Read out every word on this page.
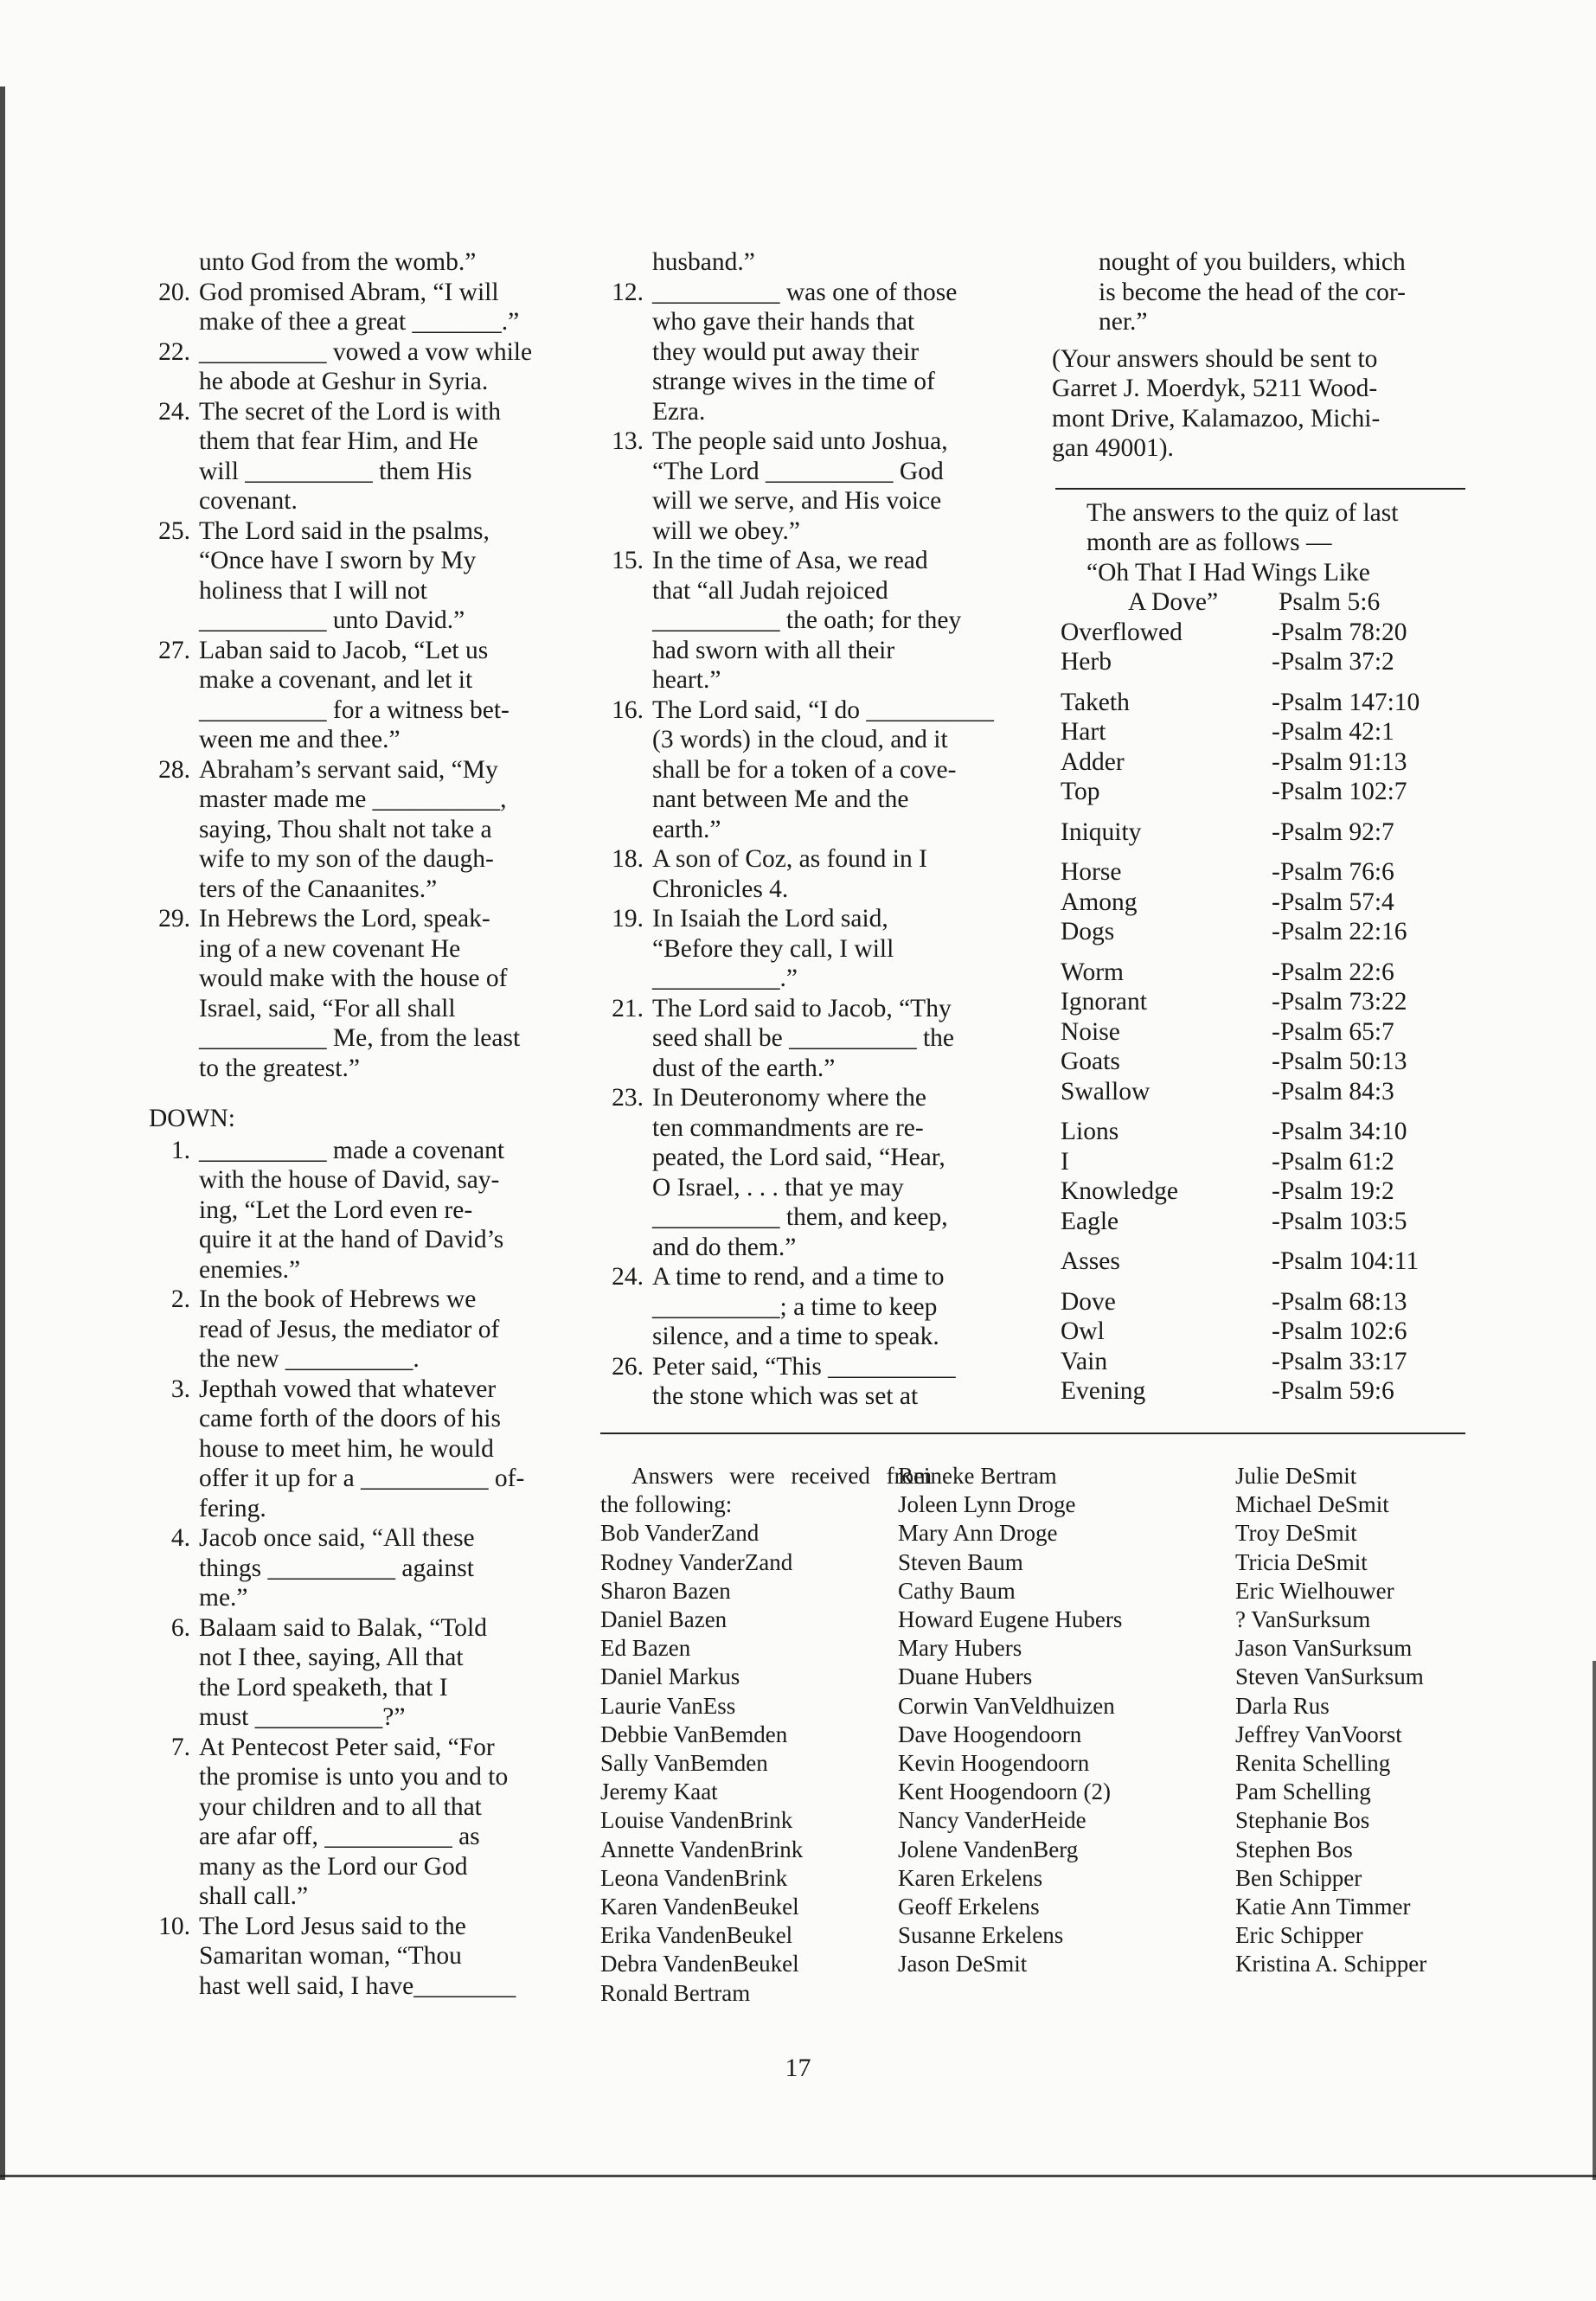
unto God from the womb.”
20. God promised Abram, “I will
make of thee a great _______.”
22. __________ vowed a vow while
he abode at Geshur in Syria.
24. The secret of the Lord is with
them that fear Him, and He
will __________ them His
covenant.
25. The Lord said in the psalms,
“Once have I sworn by My
holiness that I will not
__________ unto David.”
27. Laban said to Jacob, “Let us
make a covenant, and let it
__________ for a witness bet-
ween me and thee.”
28. Abraham’s servant said, “My
master made me __________,
saying, Thou shalt not take a
wife to my son of the daugh-
ters of the Canaanites.”
29. In Hebrews the Lord, speak-
ing of a new covenant He
would make with the house of
Israel, said, “For all shall
__________ Me, from the least
to the greatest.”
DOWN:
1. __________ made a covenant
with the house of David, say-
ing, “Let the Lord even re-
quire it at the hand of David’s
enemies.”
2. In the book of Hebrews we
read of Jesus, the mediator of
the new __________.
3. Jepthah vowed that whatever
came forth of the doors of his
house to meet him, he would
offer it up for a __________ of-
fering.
4. Jacob once said, “All these
things __________ against
me.”
6. Balaam said to Balak, “Told
not I thee, saying, All that
the Lord speaketh, that I
must __________?”
7. At Pentecost Peter said, “For
the promise is unto you and to
your children and to all that
are afar off, __________ as
many as the Lord our God
shall call.”
10. The Lord Jesus said to the
Samaritan woman, “Thou
hast well said, I have________
husband.”
12. __________ was one of those
who gave their hands that
they would put away their
strange wives in the time of
Ezra.
13. The people said unto Joshua,
“The Lord __________ God
will we serve, and His voice
will we obey.”
15. In the time of Asa, we read
that “all Judah rejoiced
__________ the oath; for they
had sworn with all their
heart.”
16. The Lord said, “I do __________
(3 words) in the cloud, and it
shall be for a token of a cove-
nant between Me and the
earth.”
18. A son of Coz, as found in I
Chronicles 4.
19. In Isaiah the Lord said,
“Before they call, I will
__________.”
21. The Lord said to Jacob, “Thy
seed shall be __________ the
dust of the earth.”
23. In Deuteronomy where the
ten commandments are re-
peated, the Lord said, “Hear,
O Israel, . . . that ye may
__________ them, and keep,
and do them.”
24. A time to rend, and a time to
__________; a time to keep
silence, and a time to speak.
26. Peter said, “This __________
the stone which was set at
nought of you builders, which
is become the head of the cor-
ner.”
(Your answers should be sent to
Garret J. Moerdyk, 5211 Wood-
mont Drive, Kalamazoo, Michi-
gan 49001).
The answers to the quiz of last
month are as follows —
“Oh That I Had Wings Like
A Dove”	Psalm 5:6
Overflowed	-Psalm 78:20
Herb	-Psalm 37:2
Taketh	-Psalm 147:10
Hart	-Psalm 42:1
Adder	-Psalm 91:13
Top	-Psalm 102:7
Iniquity	-Psalm 92:7
Horse	-Psalm 76:6
Among	-Psalm 57:4
Dogs	-Psalm 22:16
Worm	-Psalm 22:6
Ignorant	-Psalm 73:22
Noise	-Psalm 65:7
Goats	-Psalm 50:13
Swallow	-Psalm 84:3
Lions	-Psalm 34:10
I	-Psalm 61:2
Knowledge	-Psalm 19:2
Eagle	-Psalm 103:5
Asses	-Psalm 104:11
Dove	-Psalm 68:13
Owl	-Psalm 102:6
Vain	-Psalm 33:17
Evening	-Psalm 59:6
Answers were received from
the following:
Bob VanderZand
Rodney VanderZand
Sharon Bazen
Daniel Bazen
Ed Bazen
Daniel Markus
Laurie VanEss
Debbie VanBemden
Sally VanBemden
Jeremy Kaat
Louise VandenBrink
Annette VandenBrink
Leona VandenBrink
Karen VandenBeukel
Erika VandenBeukel
Debra VandenBeukel
Ronald Bertram
Reineke Bertram
Joleen Lynn Droge
Mary Ann Droge
Steven Baum
Cathy Baum
Howard Eugene Hubers
Mary Hubers
Duane Hubers
Corwin VanVeldhuizen
Dave Hoogendoorn
Kevin Hoogendoorn
Kent Hoogendoorn (2)
Nancy VanderHeide
Jolene VandenBerg
Karen Erkelens
Geoff Erkelens
Susanne Erkelens
Jason DeSmit
Julie DeSmit
Michael DeSmit
Troy DeSmit
Tricia DeSmit
Eric Wielhouwer
? VanSurksum
Jason VanSurksum
Steven VanSurksum
Darla Rus
Jeffrey VanVoorst
Renita Schelling
Pam Schelling
Stephanie Bos
Stephen Bos
Ben Schipper
Katie Ann Timmer
Eric Schipper
Kristina A. Schipper
17
